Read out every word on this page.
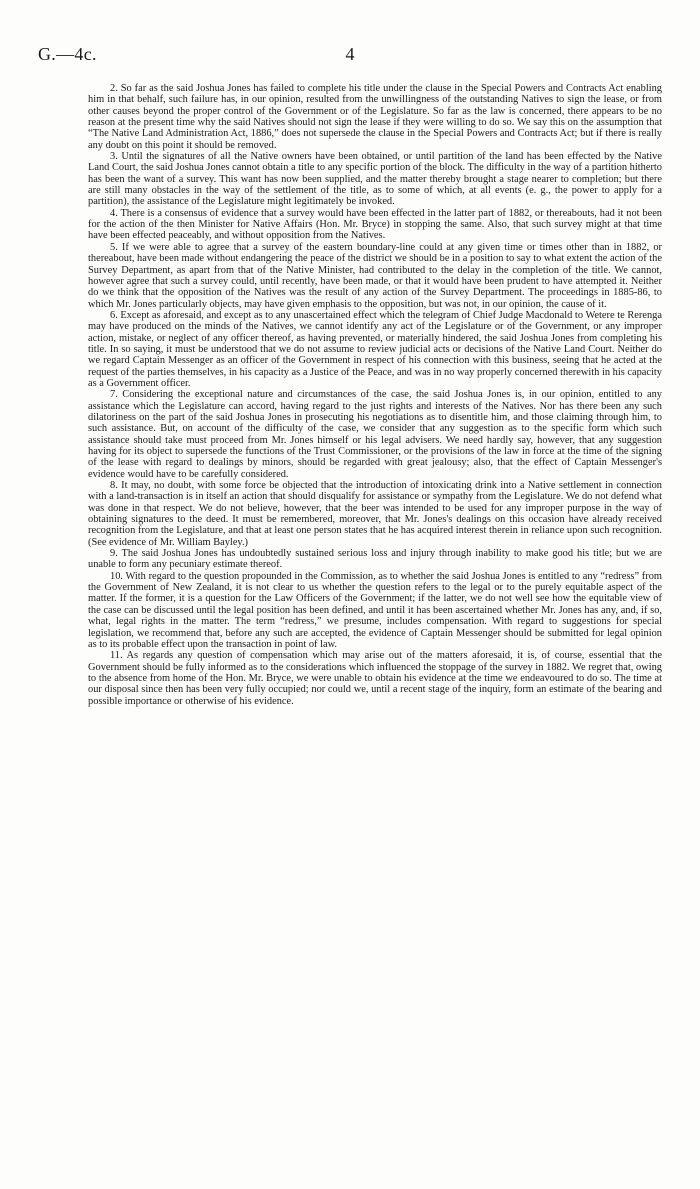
G.—4c.	4

2. So far as the said Joshua Jones has failed to complete his title under the clause in the Special Powers and Contracts Act enabling him in that behalf, such failure has, in our opinion, resulted from the unwillingness of the outstanding Natives to sign the lease, or from other causes beyond the proper control of the Government or of the Legislature. So far as the law is concerned, there appears to be no reason at the present time why the said Natives should not sign the lease if they were willing to do so. We say this on the assumption that “The Native Land Administration Act, 1886,” does not supersede the clause in the Special Powers and Contracts Act; but if there is really any doubt on this point it should be removed.

3. Until the signatures of all the Native owners have been obtained, or until partition of the land has been effected by the Native Land Court, the said Joshua Jones cannot obtain a title to any specific portion of the block. The difficulty in the way of a partition hitherto has been the want of a survey. This want has now been supplied, and the matter thereby brought a stage nearer to completion; but there are still many obstacles in the way of the settlement of the title, as to some of which, at all events (e. g., the power to apply for a partition), the assistance of the Legislature might legitimately be invoked.

4. There is a consensus of evidence that a survey would have been effected in the latter part of 1882, or thereabouts, had it not been for the action of the then Minister for Native Affairs (Hon. Mr. Bryce) in stopping the same. Also, that such survey might at that time have been effected peaceably, and without opposition from the Natives.

5. If we were able to agree that a survey of the eastern boundary-line could at any given time or times other than in 1882, or thereabout, have been made without endangering the peace of the district we should be in a position to say to what extent the action of the Survey Department, as apart from that of the Native Minister, had contributed to the delay in the completion of the title. We cannot, however agree that such a survey could, until recently, have been made, or that it would have been prudent to have attempted it. Neither do we think that the opposition of the Natives was the result of any action of the Survey Department. The proceedings in 1885-86, to which Mr. Jones particularly objects, may have given emphasis to the opposition, but was not, in our opinion, the cause of it.

6. Except as aforesaid, and except as to any unascertained effect which the telegram of Chief Judge Macdonald to Wetere te Rerenga may have produced on the minds of the Natives, we cannot identify any act of the Legislature or of the Government, or any improper action, mistake, or neglect of any officer thereof, as having prevented, or materially hindered, the said Joshua Jones from completing his title. In so saying, it must be understood that we do not assume to review judicial acts or decisions of the Native Land Court. Neither do we regard Captain Messenger as an officer of the Government in respect of his connection with this business, seeing that he acted at the request of the parties themselves, in his capacity as a Justice of the Peace, and was in no way properly concerned therewith in his capacity as a Government officer.

7. Considering the exceptional nature and circumstances of the case, the said Joshua Jones is, in our opinion, entitled to any assistance which the Legislature can accord, having regard to the just rights and interests of the Natives. Nor has there been any such dilatoriness on the part of the said Joshua Jones in prosecuting his negotiations as to disentitle him, and those claiming through him, to such assistance. But, on account of the difficulty of the case, we consider that any suggestion as to the specific form which such assistance should take must proceed from Mr. Jones himself or his legal advisers. We need hardly say, however, that any suggestion having for its object to supersede the functions of the Trust Commissioner, or the provisions of the law in force at the time of the signing of the lease with regard to dealings by minors, should be regarded with great jealousy; also, that the effect of Captain Messenger's evidence would have to be carefully considered.

8. It may, no doubt, with some force be objected that the introduction of intoxicating drink into a Native settlement in connection with a land-transaction is in itself an action that should disqualify for assistance or sympathy from the Legislature. We do not defend what was done in that respect. We do not believe, however, that the beer was intended to be used for any improper purpose in the way of obtaining signatures to the deed. It must be remembered, moreover, that Mr. Jones's dealings on this occasion have already received recognition from the Legislature, and that at least one person states that he has acquired interest therein in reliance upon such recognition. (See evidence of Mr. William Bayley.)

9. The said Joshua Jones has undoubtedly sustained serious loss and injury through inability to make good his title; but we are unable to form any pecuniary estimate thereof.

10. With regard to the question propounded in the Commission, as to whether the said Joshua Jones is entitled to any “redress” from the Government of New Zealand, it is not clear to us whether the question refers to the legal or to the purely equitable aspect of the matter. If the former, it is a question for the Law Officers of the Government; if the latter, we do not well see how the equitable view of the case can be discussed until the legal position has been defined, and until it has been ascertained whether Mr. Jones has any, and, if so, what, legal rights in the matter. The term “redress,” we presume, includes compensation. With regard to suggestions for special legislation, we recommend that, before any such are accepted, the evidence of Captain Messenger should be submitted for legal opinion as to its probable effect upon the transaction in point of law.

11. As regards any question of compensation which may arise out of the matters aforesaid, it is, of course, essential that the Government should be fully informed as to the considerations which influenced the stoppage of the survey in 1882. We regret that, owing to the absence from home of the Hon. Mr. Bryce, we were unable to obtain his evidence at the time we endeavoured to do so. The time at our disposal since then has been very fully occupied; nor could we, until a recent stage of the inquiry, form an estimate of the bearing and possible importance or otherwise of his evidence.
